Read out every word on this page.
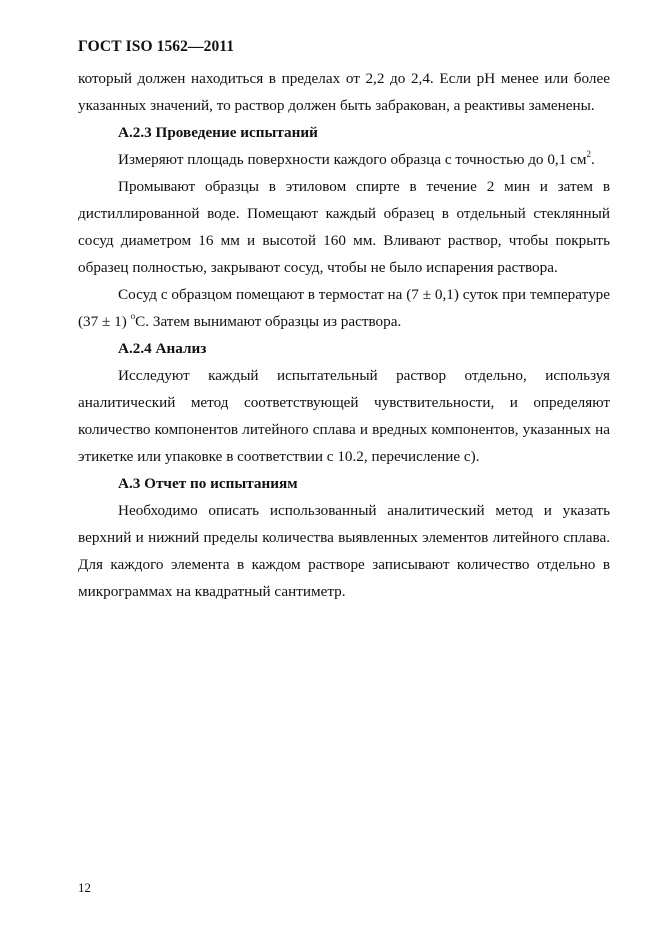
ГОСТ ISO 1562—2011

который должен находиться в пределах от 2,2 до 2,4. Если pH менее или более указанных значений, то раствор должен быть забракован, а реактивы заменены.

А.2.3 Проведение испытаний

Измеряют площадь поверхности каждого образца с точностью до 0,1 $см^2$.

Промывают образцы в этиловом спирте в течение 2 мин и затем в дистиллированной воде. Помещают каждый образец в отдельный стеклянный сосуд диаметром 16 мм и высотой 160 мм. Вливают раствор, чтобы покрыть образец полностью, закрывают сосуд, чтобы не было испарения раствора.

Сосуд с образцом помещают в термостат на (7 ± 0,1) суток при температуре (37 ± 1) $^о$С. Затем вынимают образцы из раствора.

А.2.4 Анализ

Исследуют каждый испытательный раствор отдельно, используя аналитический метод соответствующей чувствительности, и определяют количество компонентов литейного сплава и вредных компонентов, указанных на этикетке или упаковке в соответствии с 10.2, перечисление с).

А.3 Отчет по испытаниям

Необходимо описать использованный аналитический метод и указать верхний и нижний пределы количества выявленных элементов литейного сплава. Для каждого элемента в каждом растворе записывают количество отдельно в микрограммах на квадратный сантиметр.

12
